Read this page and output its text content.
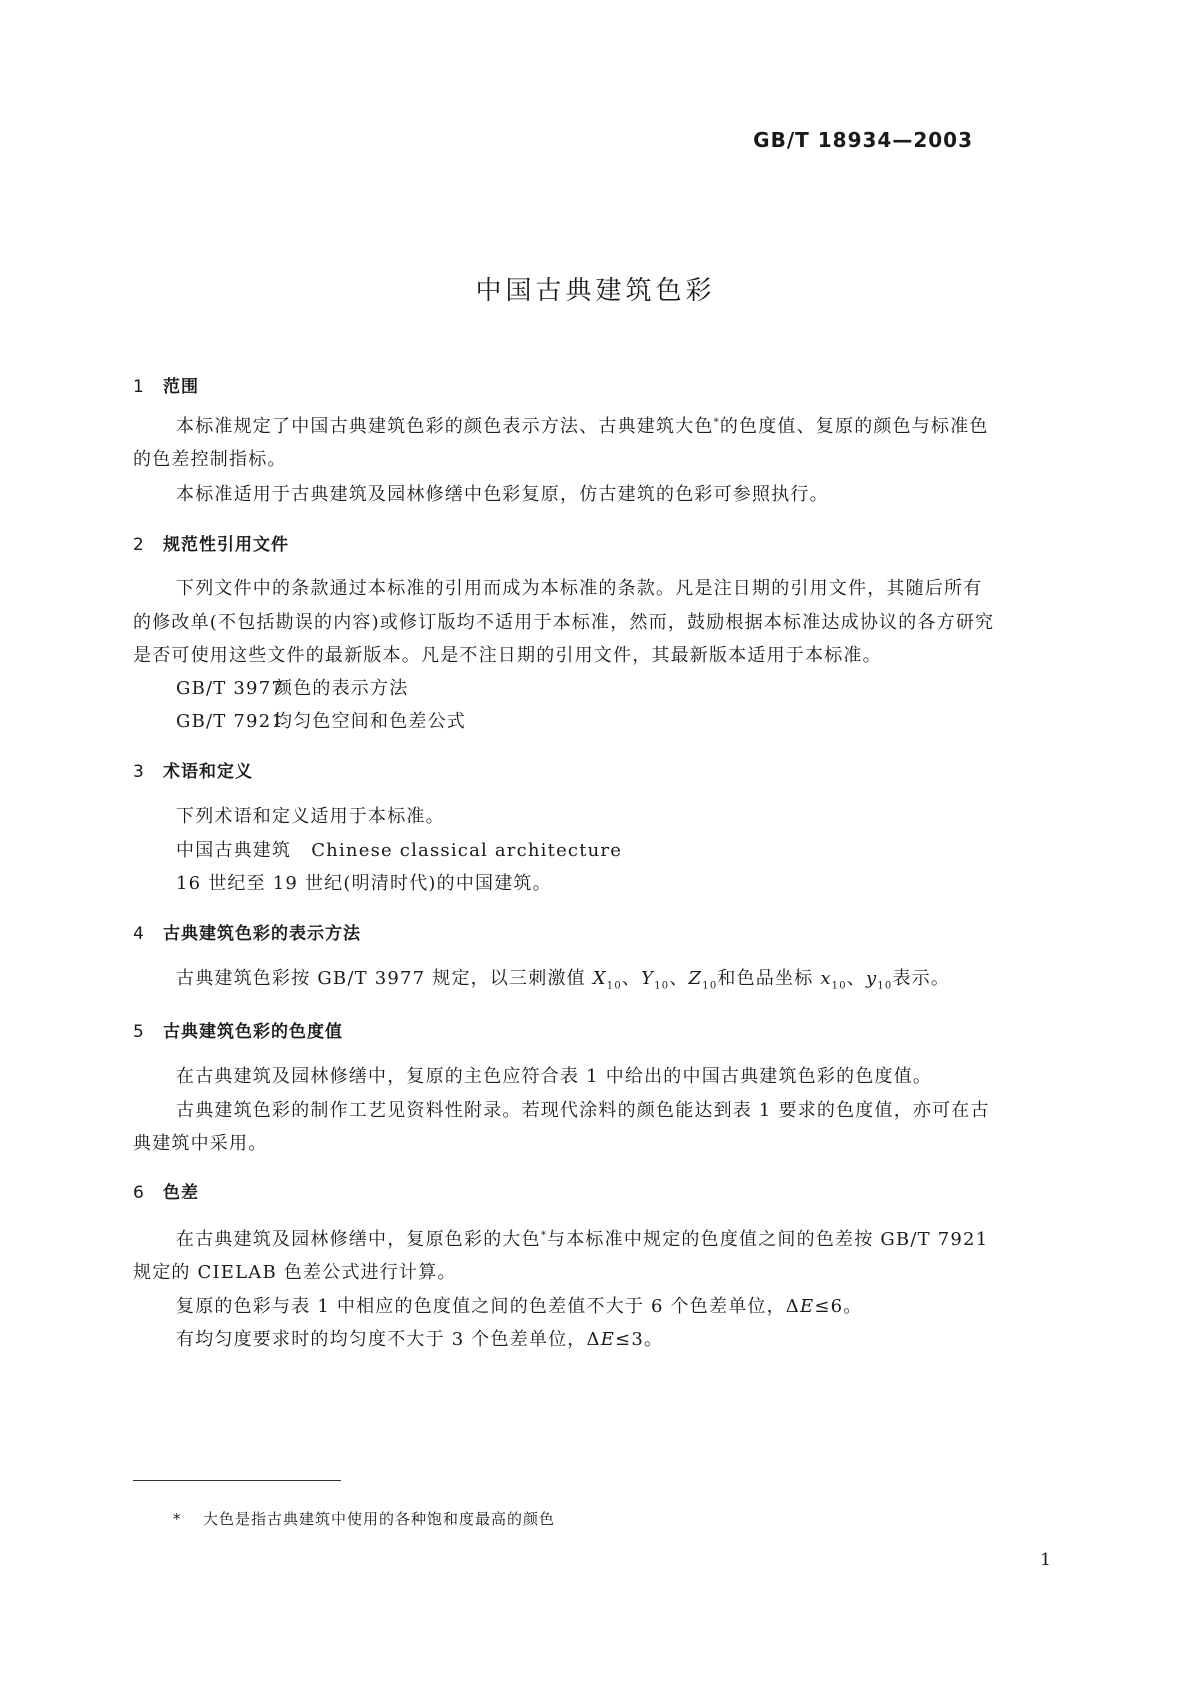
GB/T 18934—2003
中国古典建筑色彩
1 范围
本标准规定了中国古典建筑色彩的颜色表示方法、古典建筑大色*的色度值、复原的颜色与标准色
的色差控制指标。
本标准适用于古典建筑及园林修缮中色彩复原，仿古建筑的色彩可参照执行。
2 规范性引用文件
下列文件中的条款通过本标准的引用而成为本标准的条款。凡是注日期的引用文件，其随后所有
的修改单(不包括勘误的内容)或修订版均不适用于本标准，然而，鼓励根据本标准达成协议的各方研究
是否可使用这些文件的最新版本。凡是不注日期的引用文件，其最新版本适用于本标准。
GB/T 3977颜色的表示方法
GB/T 7921均匀色空间和色差公式
3 术语和定义
下列术语和定义适用于本标准。
中国古典建筑 Chinese classical architecture
16 世纪至 19 世纪(明清时代)的中国建筑。
4 古典建筑色彩的表示方法
古典建筑色彩按 GB/T 3977 规定，以三刺激值 $X_{10}$、$Y_{10}$、$Z_{10}$和色品坐标 $x_{10}$、$y_{10}$表示。
5 古典建筑色彩的色度值
在古典建筑及园林修缮中，复原的主色应符合表 1 中给出的中国古典建筑色彩的色度值。
古典建筑色彩的制作工艺见资料性附录。若现代涂料的颜色能达到表 1 要求的色度值，亦可在古
典建筑中采用。
6 色差
在古典建筑及园林修缮中，复原色彩的大色*与本标准中规定的色度值之间的色差按 GB/T 7921
规定的 CIELAB 色差公式进行计算。
复原的色彩与表 1 中相应的色度值之间的色差值不大于 6 个色差单位，ΔE≤6。
有均匀度要求时的均匀度不大于 3 个色差单位，ΔE≤3。
* 大色是指古典建筑中使用的各种饱和度最高的颜色
1
